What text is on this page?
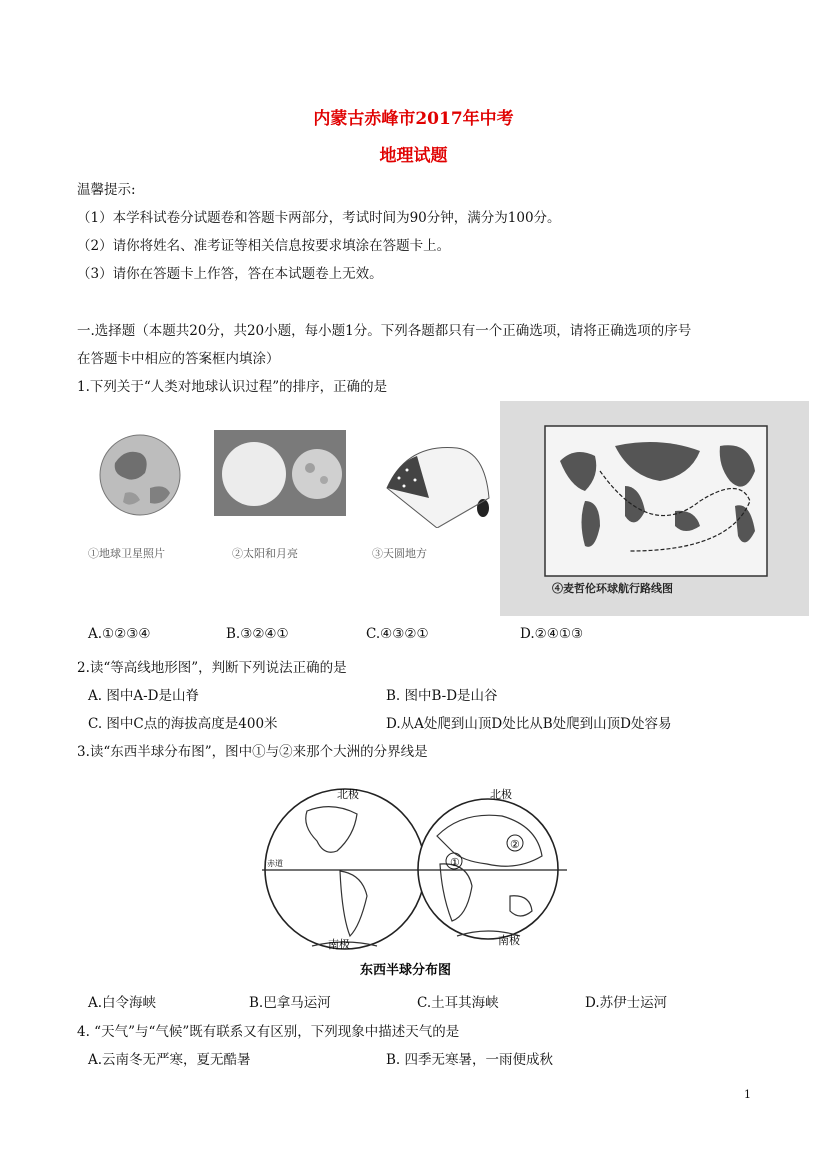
内蒙古赤峰市2017年中考
地理试题
温馨提示:
（1）本学科试卷分试题卷和答题卡两部分，考试时间为90分钟，满分为100分。
（2）请你将姓名、准考证等相关信息按要求填涂在答题卡上。
（3）请你在答题卡上作答，答在本试题卷上无效。
一.选择题（本题共20分，共20小题，每小题1分。下列各题都只有一个正确选项，请将正确选项的序号
在答题卡中相应的答案框内填涂）
1.下列关于“人类对地球认识过程”的排序，正确的是
①地球卫星照片	②太阳和月亮	③天圆地方
④麦哲伦环球航行路线图
A.①②③④	B.③②④①	C.④③②①	D.②④①③
2.读“等高线地形图”，判断下列说法正确的是
A. 图中A-D是山脊	B. 图中B-D是山谷
C. 图中C点的海拔高度是400米	D.从A处爬到山顶D处比从B处爬到山顶D处容易
3.读“东西半球分布图”，图中①与②来那个大洲的分界线是
①
②
北极	北极
南极	南极
赤道
东西半球分布图
A.白令海峡	B.巴拿马运河	C.土耳其海峡	D.苏伊士运河
4. “天气”与“气候”既有联系又有区别，下列现象中描述天气的是
A.云南冬无严寒，夏无酷暑	B. 四季无寒暑，一雨便成秋
1
